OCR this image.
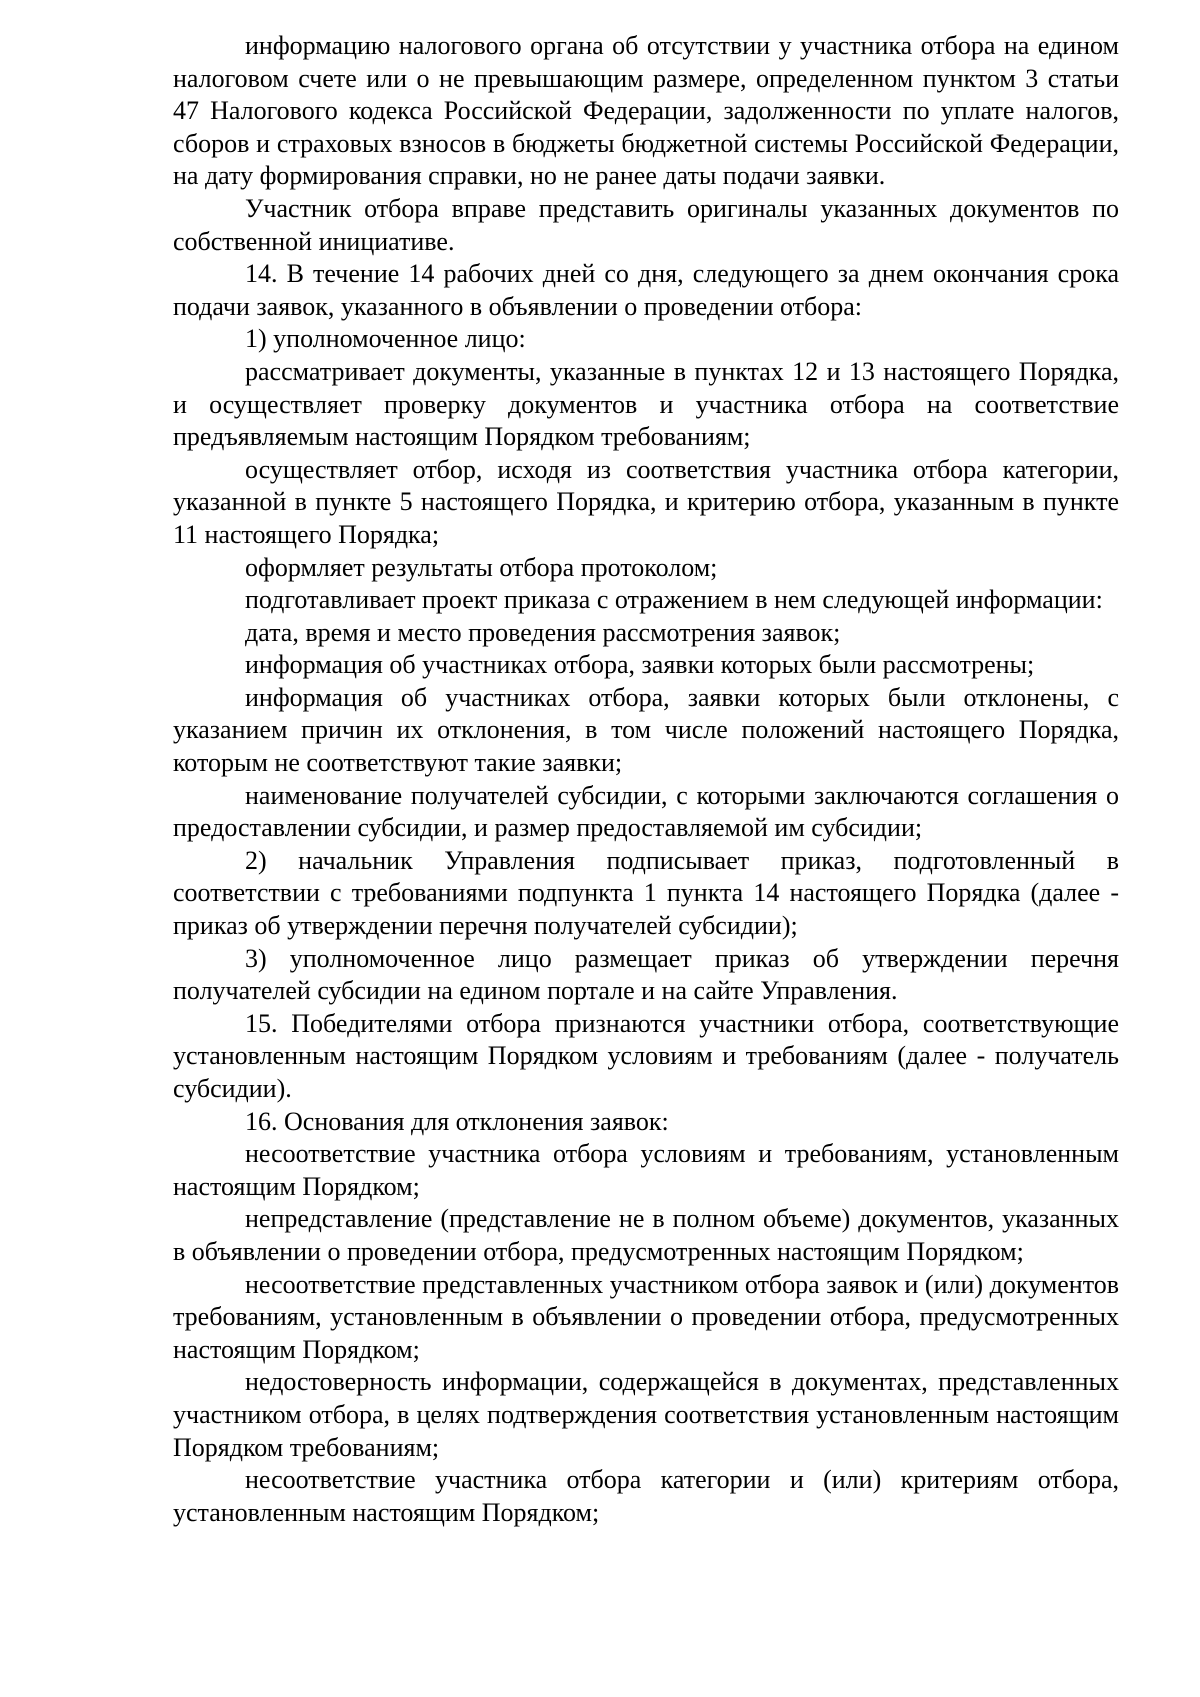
информацию налогового органа об отсутствии у участника отбора на едином налоговом счете или о не превышающим размере, определенном пунктом 3 статьи 47 Налогового кодекса Российской Федерации, задолженности по уплате налогов, сборов и страховых взносов в бюджеты бюджетной системы Российской Федерации, на дату формирования справки, но не ранее даты подачи заявки.

Участник отбора вправе представить оригиналы указанных документов по собственной инициативе.

14. В течение 14 рабочих дней со дня, следующего за днем окончания срока подачи заявок, указанного в объявлении о проведении отбора:

1) уполномоченное лицо:

рассматривает документы, указанные в пунктах 12 и 13 настоящего Порядка, и осуществляет проверку документов и участника отбора на соответствие предъявляемым настоящим Порядком требованиям;

осуществляет отбор, исходя из соответствия участника отбора категории, указанной в пункте 5 настоящего Порядка, и критерию отбора, указанным в пункте 11 настоящего Порядка;

оформляет результаты отбора протоколом;

подготавливает проект приказа с отражением в нем следующей информации:

дата, время и место проведения рассмотрения заявок;

информация об участниках отбора, заявки которых были рассмотрены;

информация об участниках отбора, заявки которых были отклонены, с указанием причин их отклонения, в том числе положений настоящего Порядка, которым не соответствуют такие заявки;

наименование получателей субсидии, с которыми заключаются соглашения о предоставлении субсидии, и размер предоставляемой им субсидии;

2) начальник Управления подписывает приказ, подготовленный в соответствии с требованиями подпункта 1 пункта 14 настоящего Порядка (далее - приказ об утверждении перечня получателей субсидии);

3) уполномоченное лицо размещает приказ об утверждении перечня получателей субсидии на едином портале и на сайте Управления.

15. Победителями отбора признаются участники отбора, соответствующие установленным настоящим Порядком условиям и требованиям (далее - получатель субсидии).

16. Основания для отклонения заявок:

несоответствие участника отбора условиям и требованиям, установленным настоящим Порядком;

непредставление (представление не в полном объеме) документов, указанных в объявлении о проведении отбора, предусмотренных настоящим Порядком;

несоответствие представленных участником отбора заявок и (или) документов требованиям, установленным в объявлении о проведении отбора, предусмотренных настоящим Порядком;

недостоверность информации, содержащейся в документах, представленных участником отбора, в целях подтверждения соответствия установленным настоящим Порядком требованиям;

несоответствие участника отбора категории и (или) критериям отбора, установленным настоящим Порядком;
